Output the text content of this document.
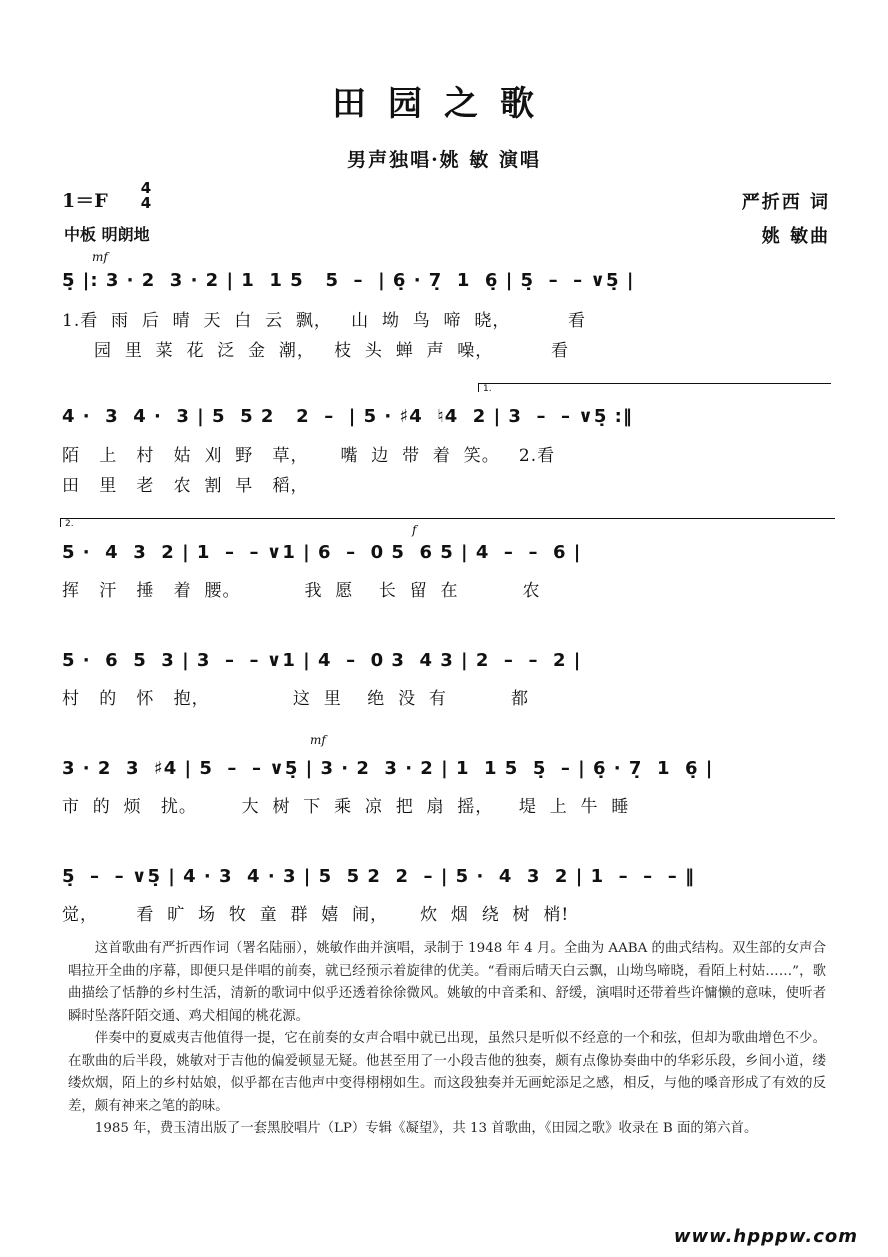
田园之歌
男声独唱·姚 敏 演唱
1＝F
4
4
中板 明朗地
严折西 词
姚 敏曲
mf
5̣ |: 3 · 2  3 · 2 | 1  1 5   5  –  | 6̣ · 7̣  1  6̣ | 5̣  –  – ∨5̣ |
1.看  雨  后  晴  天  白  云  飘，   山  坳  鸟  啼  晓，         看
园  里  菜  花  泛  金  潮，   枝  头  蝉  声  噪，         看
1.
4 ·  3  4 ·  3 | 5  5 2   2  –  | 5 · ♯4  ♮4  2 | 3  –  – ∨5̣ :‖
陌   上   村   姑  刈  野   草，     嘴  边  带  着  笑。   2.看
田   里   老   农  割  早   稻，
2.	f
5 ·  4  3  2 | 1  –  – ∨1 | 6  –  0 5  6 5 | 4  –  –  6 |
挥   汗   捶   着  腰。          我  愿    长  留  在          农
5 ·  6  5  3 | 3  –  – ∨1 | 4  –  0 3  4 3 | 2  –  –  2 |
村   的   怀   抱，             这  里    绝  没  有          都
mf
3 · 2  3  ♯4 | 5  –  – ∨5̣ | 3 · 2  3 · 2 | 1  1 5  5̣  – | 6̣ · 7̣  1  6̣ |
市  的  烦   扰。       大  树  下  乘  凉  把  扇  摇，    堤  上  牛  睡
5̣  –  – ∨5̣ | 4 · 3  4 · 3 | 5  5 2  2  – | 5 ·  4  3  2 | 1  –  –  – ‖
觉，      看  旷  场  牧  童  群  嬉  闹，     炊  烟  绕  树  梢!

这首歌曲有严折西作词（署名陆丽），姚敏作曲并演唱，录制于 1948 年 4 月。全曲为 AABA 的曲式结构。双生部的女声合唱拉开全曲的序幕，即便只是伴唱的前奏，就已经预示着旋律的优美。“看雨后晴天白云飘，山坳鸟啼晓，看陌上村姑……”，歌曲描绘了恬静的乡村生活，清新的歌词中似乎还透着徐徐微风。姚敏的中音柔和、舒缓，演唱时还带着些许慵懒的意味，使听者瞬时坠落阡陌交通、鸡犬相闻的桃花源。

伴奏中的夏威夷吉他值得一提，它在前奏的女声合唱中就已出现，虽然只是听似不经意的一个和弦，但却为歌曲增色不少。在歌曲的后半段，姚敏对于吉他的偏爱顿显无疑。他甚至用了一小段吉他的独奏，颇有点像协奏曲中的华彩乐段，乡间小道，缕缕炊烟，陌上的乡村姑娘，似乎都在吉他声中变得栩栩如生。而这段独奏并无画蛇添足之感，相反，与他的嗓音形成了有效的反差，颇有神来之笔的韵味。

1985 年，费玉清出版了一套黑胶唱片（LP）专辑《凝望》，共 13 首歌曲，《田园之歌》收录在 B 面的第六首。

www.hpppw.com
